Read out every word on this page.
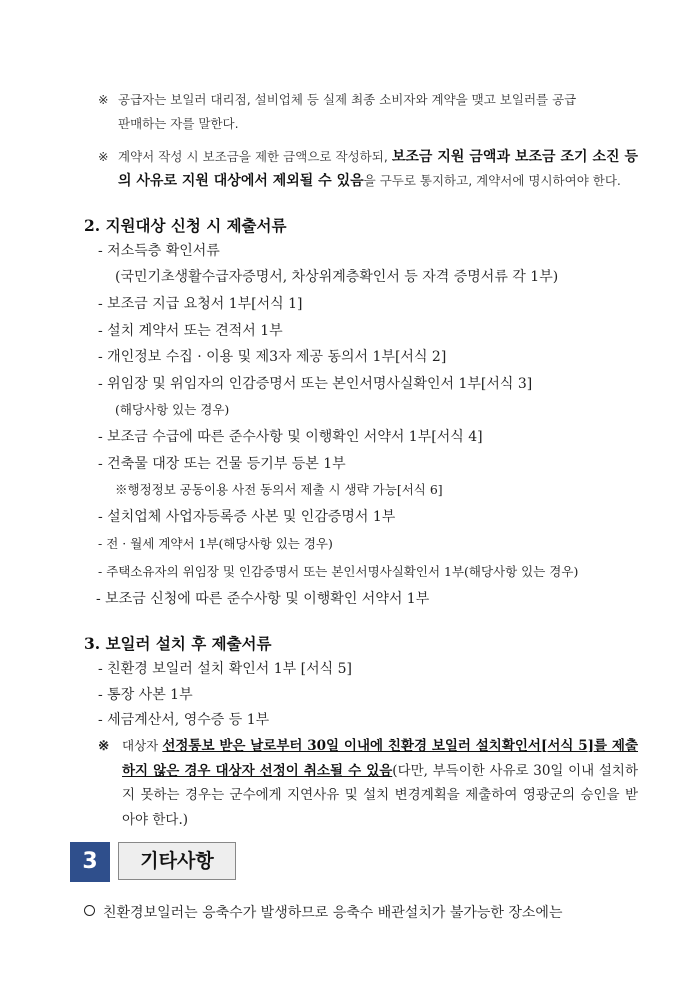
※ 공급자는 보일러 대리점, 설비업체 등 실제 최종 소비자와 계약을 맺고 보일러를 공급
판매하는 자를 말한다.
※ 계약서 작성 시 보조금을 제한 금액으로 작성하되, 보조금 지원 금액과 보조금 조기 소진 등의 사유로 지원 대상에서 제외될 수 있음을 구두로 통지하고, 계약서에 명시하여야 한다.
2. 지원대상 신청 시 제출서류
- 저소득층 확인서류
(국민기초생활수급자증명서, 차상위계층확인서 등 자격 증명서류 각 1부)
- 보조금 지급 요청서 1부[서식 1]
- 설치 계약서 또는 견적서 1부
- 개인정보 수집 · 이용 및 제3자 제공 동의서 1부[서식 2]
- 위임장 및 위임자의 인감증명서 또는 본인서명사실확인서 1부[서식 3]
(해당사항 있는 경우)
- 보조금 수급에 따른 준수사항 및 이행확인 서약서 1부[서식 4]
- 건축물 대장 또는 건물 등기부 등본 1부
※행정정보 공동이용 사전 동의서 제출 시 생략 가능[서식 6]
- 설치업체 사업자등록증 사본 및 인감증명서 1부
- 전 · 월세 계약서 1부(해당사항 있는 경우)
- 주택소유자의 위임장 및 인감증명서 또는 본인서명사실확인서 1부(해당사항 있는 경우)
- 보조금 신청에 따른 준수사항 및 이행확인 서약서 1부
3. 보일러 설치 후 제출서류
- 친환경 보일러 설치 확인서 1부 [서식 5]
- 통장 사본 1부
- 세금계산서, 영수증 등 1부
※ 대상자 선정통보 받은 날로부터 30일 이내에 친환경 보일러 설치확인서[서식 5]를 제출하지 않은 경우 대상자 선정이 취소될 수 있음(다만, 부득이한 사유로 30일 이내 설치하지 못하는 경우는 군수에게 지연사유 및 설치 변경계획을 제출하여 영광군의 승인을 받아야 한다.)
3	기타사항
친환경보일러는 응축수가 발생하므로 응축수 배관설치가 불가능한 장소에는
